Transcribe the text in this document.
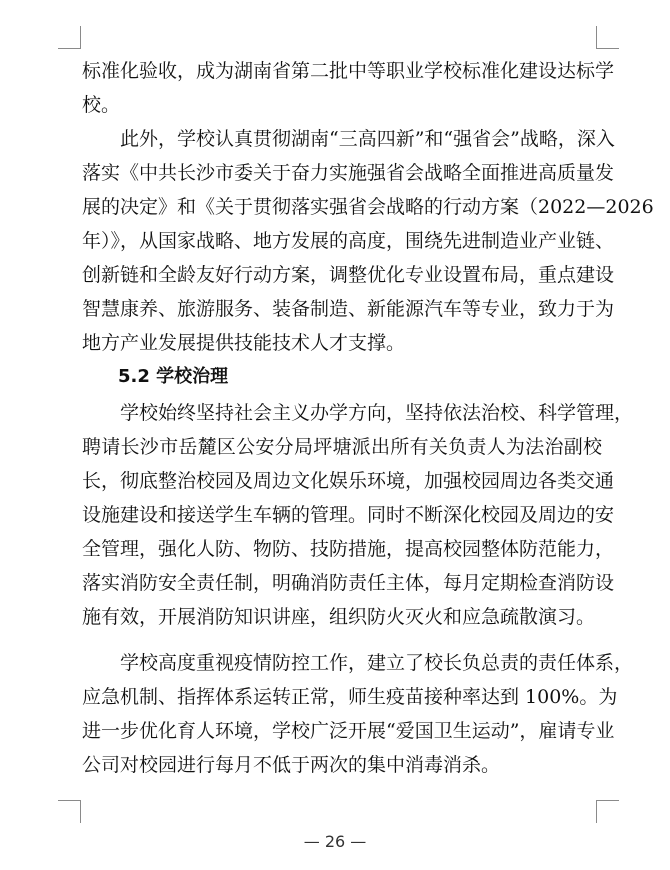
标准化验收，成为湖南省第二批中等职业学校标准化建设达标学
校。
此外，学校认真贯彻湖南“三高四新”和“强省会”战略，深入
落实《中共长沙市委关于奋力实施强省会战略全面推进高质量发
展的决定》和《关于贯彻落实强省会战略的行动方案（2022—2026
年）》，从国家战略、地方发展的高度，围绕先进制造业产业链、
创新链和全龄友好行动方案，调整优化专业设置布局，重点建设
智慧康养、旅游服务、装备制造、新能源汽车等专业，致力于为
地方产业发展提供技能技术人才支撑。
5.2 学校治理
学校始终坚持社会主义办学方向，坚持依法治校、科学管理，
聘请长沙市岳麓区公安分局坪塘派出所有关负责人为法治副校
长，彻底整治校园及周边文化娱乐环境，加强校园周边各类交通
设施建设和接送学生车辆的管理。同时不断深化校园及周边的安
全管理，强化人防、物防、技防措施，提高校园整体防范能力，
落实消防安全责任制，明确消防责任主体，每月定期检查消防设
施有效，开展消防知识讲座，组织防火灭火和应急疏散演习。
学校高度重视疫情防控工作，建立了校长负总责的责任体系，
应急机制、指挥体系运转正常，师生疫苗接种率达到 100%。为
进一步优化育人环境，学校广泛开展“爱国卫生运动”，雇请专业
公司对校园进行每月不低于两次的集中消毒消杀。
— 26 —
